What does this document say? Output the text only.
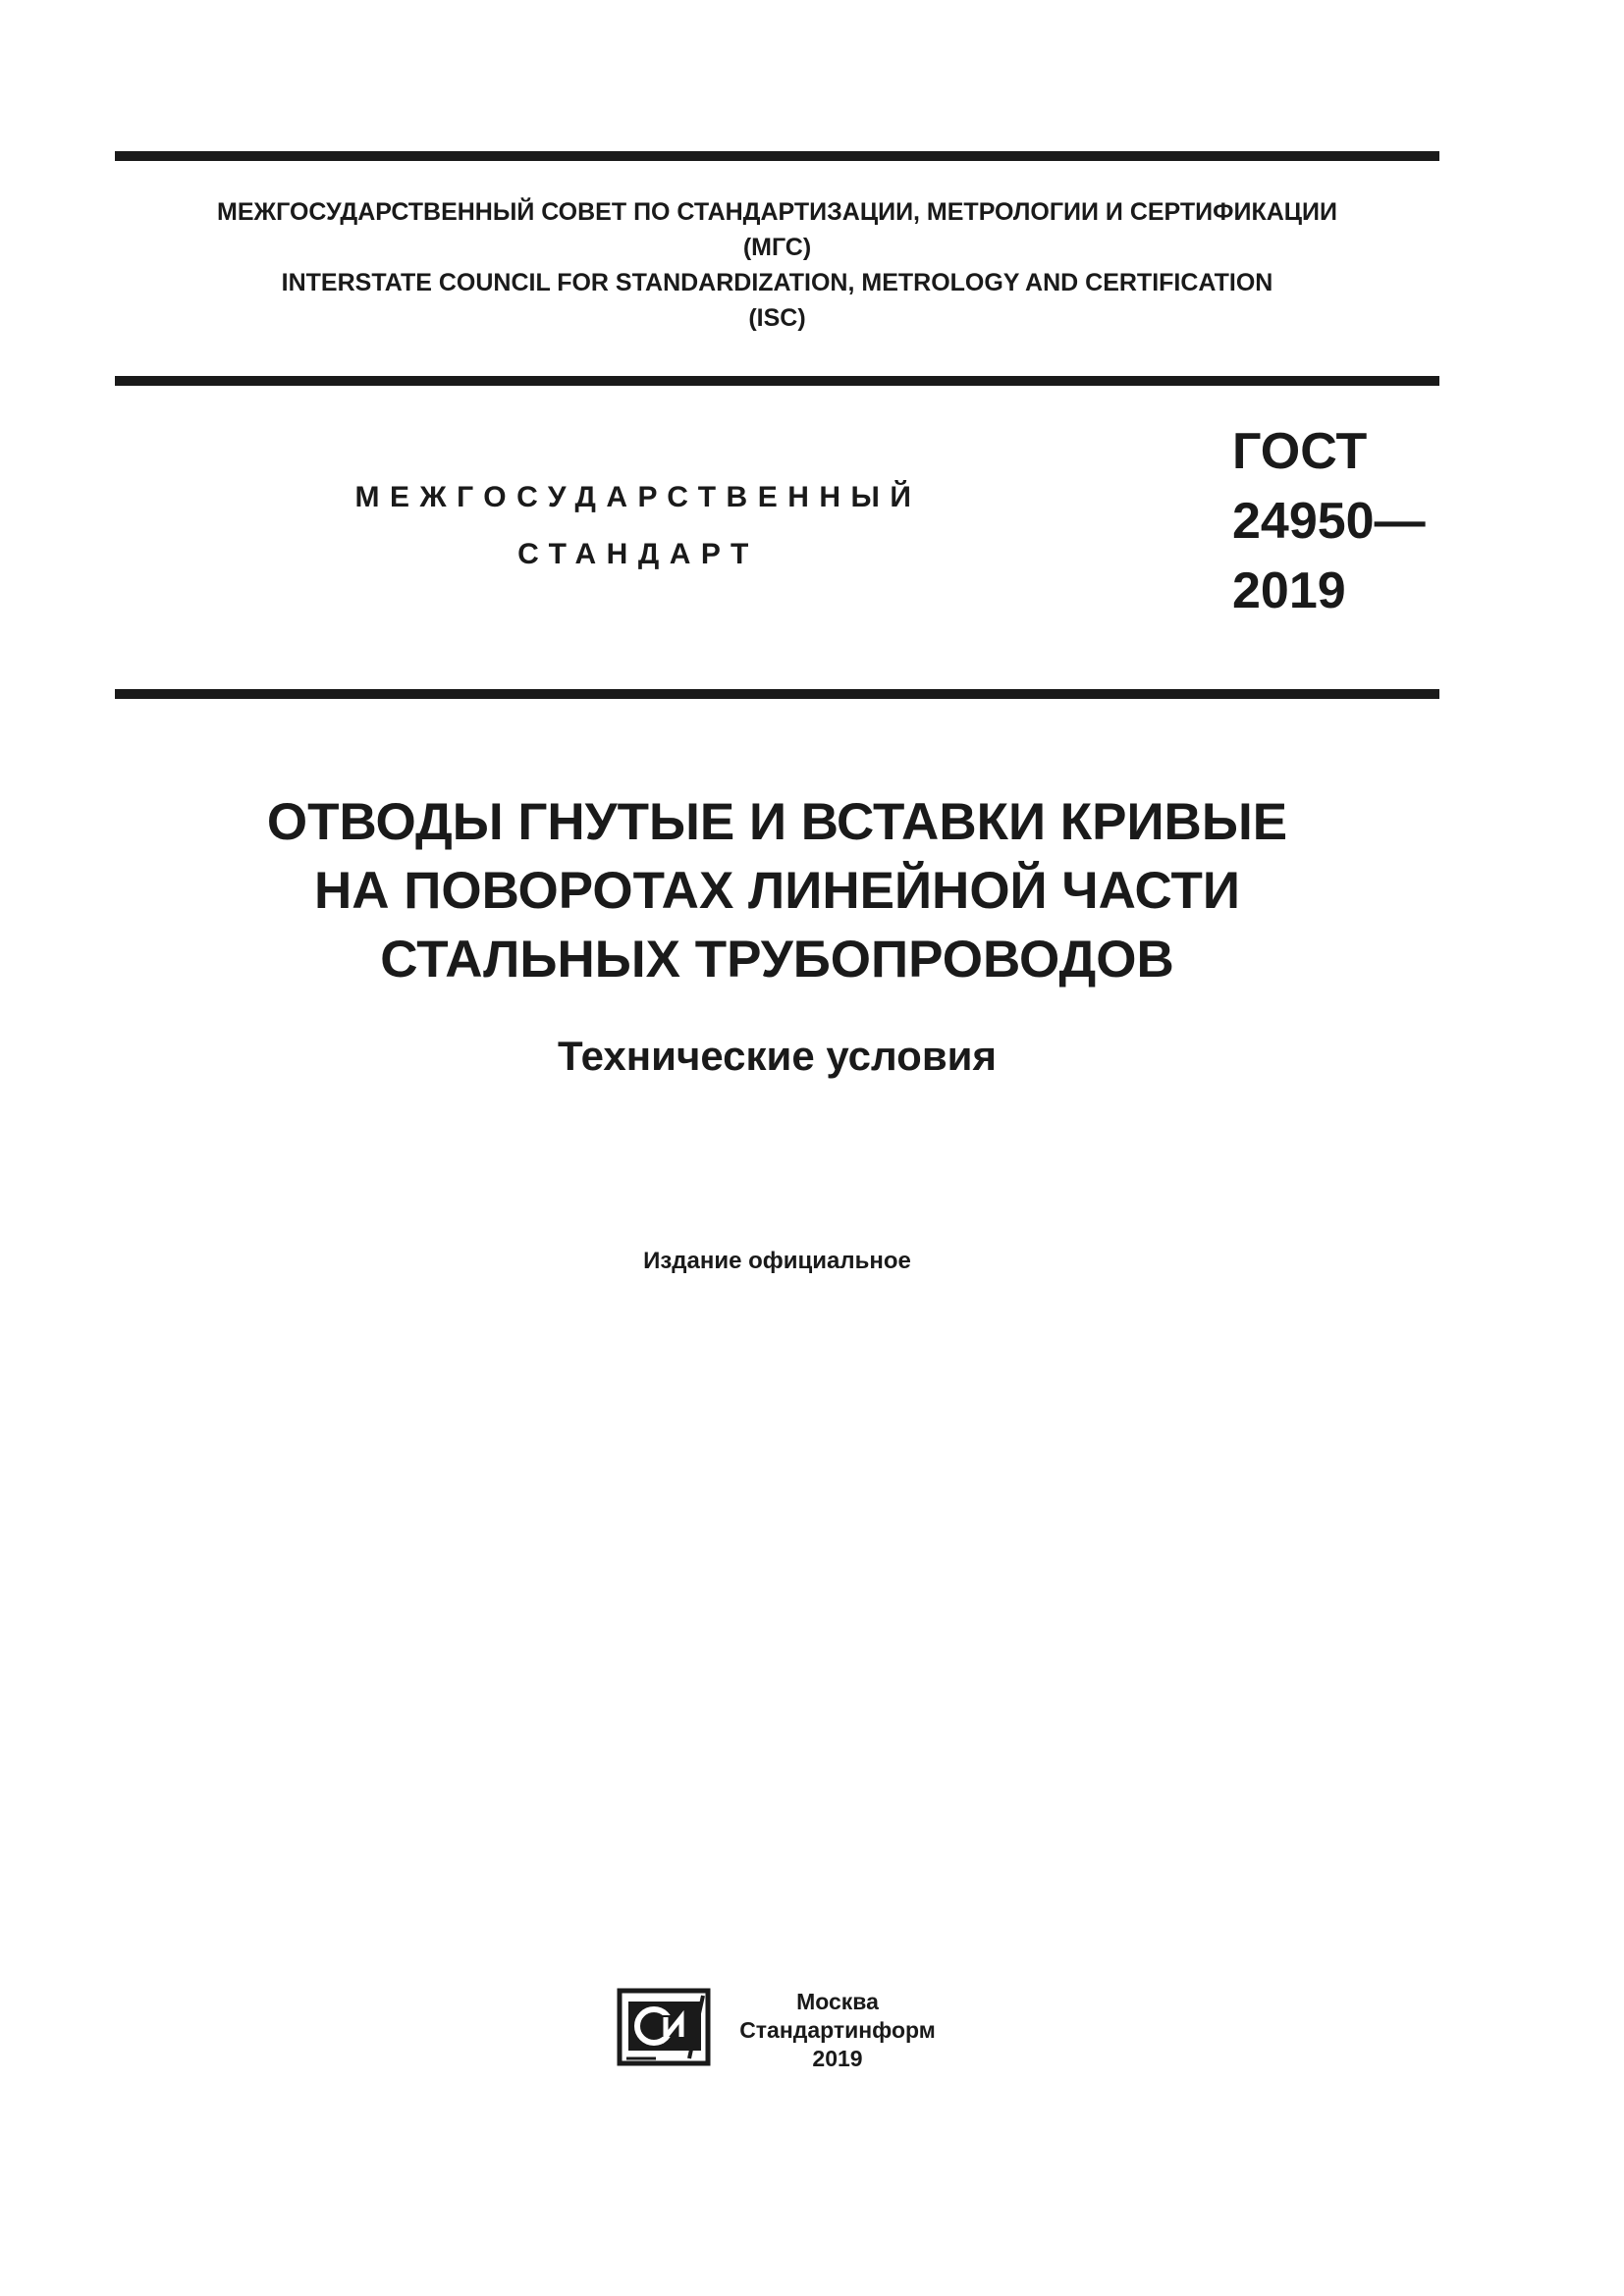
МЕЖГОСУДАРСТВЕННЫЙ СОВЕТ ПО СТАНДАРТИЗАЦИИ, МЕТРОЛОГИИ И СЕРТИФИКАЦИИ
(МГС)
INTERSTATE COUNCIL FOR STANDARDIZATION, METROLOGY AND CERTIFICATION
(ISC)
МЕЖГОСУДАРСТВЕННЫЙ
СТАНДАРТ
ГОСТ
24950—
2019
ОТВОДЫ ГНУТЫЕ И ВСТАВКИ КРИВЫЕ
НА ПОВОРОТАХ ЛИНЕЙНОЙ ЧАСТИ
СТАЛЬНЫХ ТРУБОПРОВОДОВ
Технические условия
Издание официальное
Москва
Стандартинформ
2019
